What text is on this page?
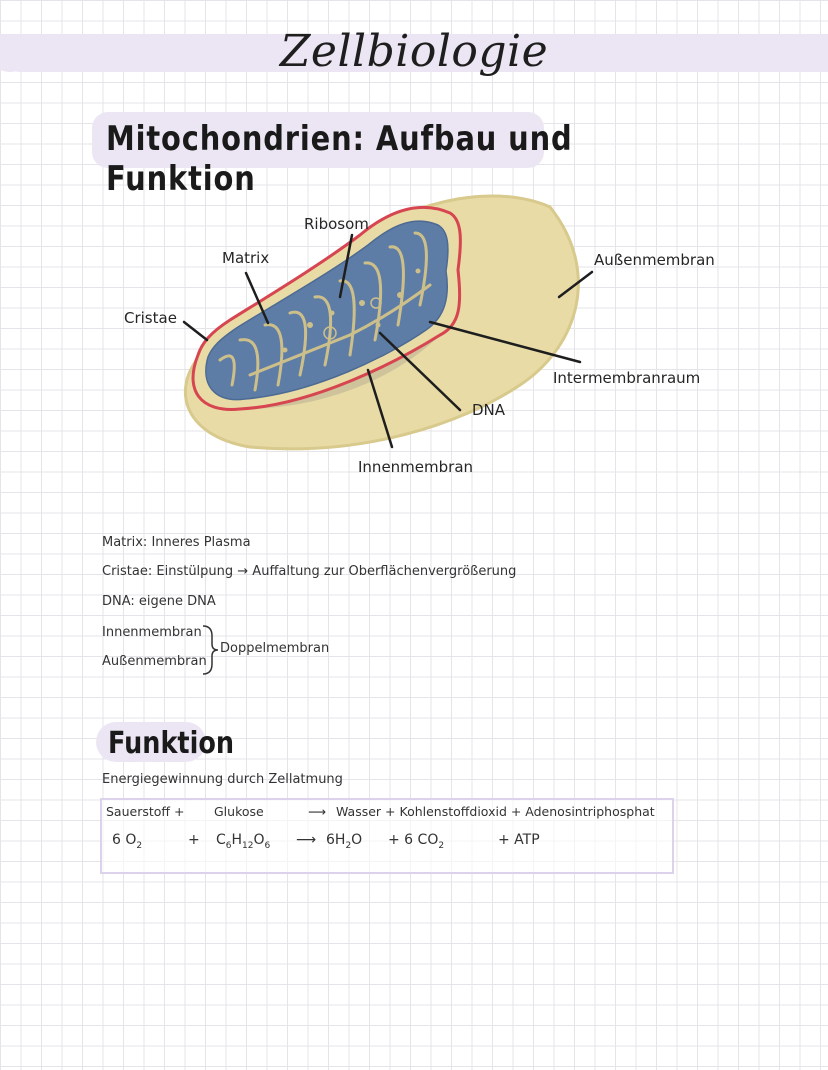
Zellbiologie
Mitochondrien: Aufbau und Funktion
Ribosom
Matrix
Cristae
Außenmembran
Intermembranraum
DNA
Innenmembran
Matrix: Inneres Plasma
Cristae: Einstülpung → Auffaltung zur Oberflächenvergrößerung
DNA: eigene DNA
Innenmembran
Außenmembran
Doppelmembran
Funktion
Energiegewinnung durch Zellatmung
Sauerstoff + Glukose	⟶ Wasser + Kohlenstoffdioxid + Adenosintriphosphat
6 $O_2$	+ $C_6H_{12}O_6$ ⟶ $6H_2O + 6$ $CO_2$	+ ATP
